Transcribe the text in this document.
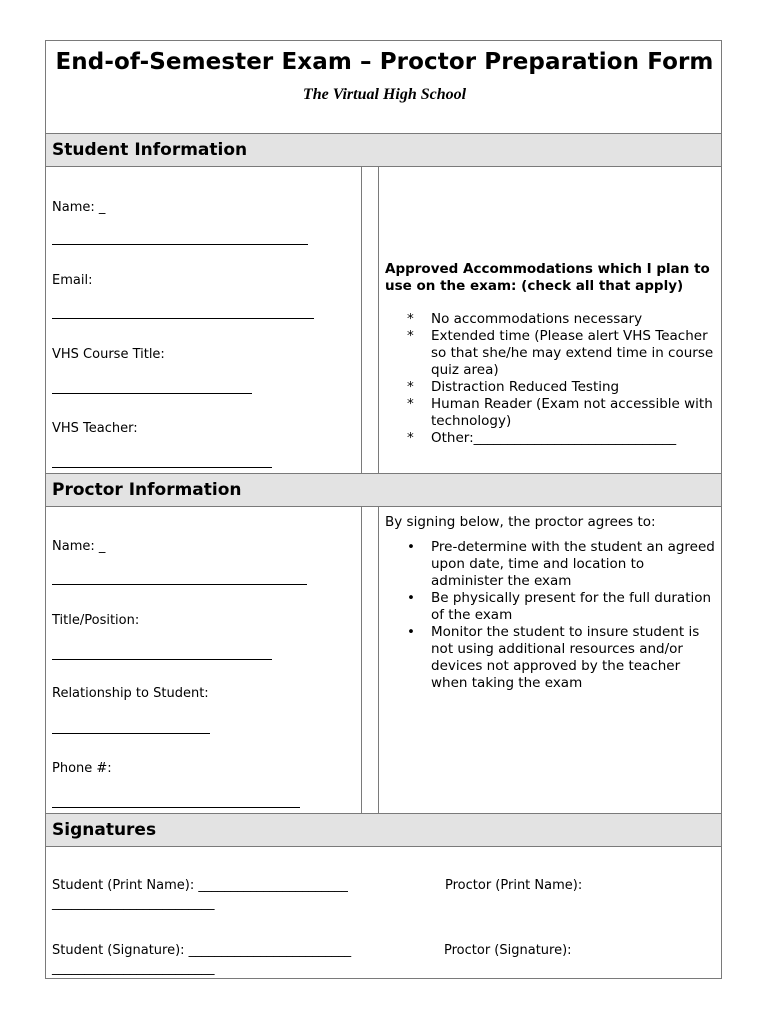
End-of-Semester Exam – Proctor Preparation Form
The Virtual High School
Student Information
Name: _
Email:
VHS Course Title:
VHS Teacher:
Approved Accommodations which I plan to use on the exam: (check all that apply)
*	No accommodations necessary
*	Extended time (Please alert VHS Teacher so that she/he may extend time in course quiz area)
*	Distraction Reduced Testing
*	Human Reader (Exam not accessible with technology)
*	Other:______________________________
Proctor Information
Name: _
Title/Position:
Relationship to Student:
Phone #:
By signing below, the proctor agrees to:
•	Pre-determine with the student an agreed upon date, time and location to administer the exam
•	Be physically present for the full duration of the exam
•	Monitor the student to insure student is not using additional resources and/or devices not approved by the teacher when taking the exam
Signatures
Student (Print Name): _______________________
_________________________
Proctor (Print Name):
Student (Signature): _________________________
_________________________
Proctor (Signature):
